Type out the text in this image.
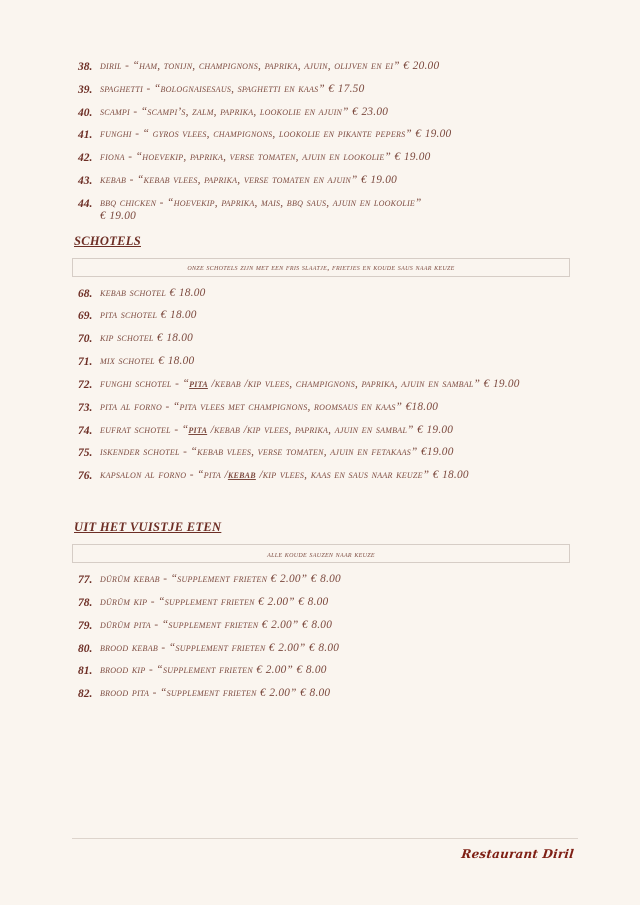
38. diril - “ham, tonijn, champignons, paprika, ajuin, olijven en ei” € 20.00
39. spaghetti - “bolognaisesaus, spaghetti en kaas” € 17.50
40. scampi - “scampi’s, zalm, paprika, lookolie en ajuin” € 23.00
41. funghi - “ gyros vlees, champignons, lookolie en pikante pepers” € 19.00
42. fiona - “hoevekip, paprika, verse tomaten, ajuin en lookolie” € 19.00
43. kebab - “kebab vlees, paprika, verse tomaten en ajuin” € 19.00
44. bbq chicken - “hoevekip, paprika, mais, bbq saus, ajuin en lookolie”
€ 19.00
SCHOTELS
onze schotels zijn met een fris slaatje, frietjes en koude saus naar keuze
68. kebab schotel € 18.00
69. pita schotel € 18.00
70. kip schotel € 18.00
71. mix schotel € 18.00
72. funghi schotel - “pita /kebab /kip vlees, champignons, paprika, ajuin en sambal” € 19.00
73. pita al forno - “pita vlees met champignons, roomsaus en kaas” €18.00
74. eufrat schotel - “pita /kebab /kip vlees, paprika, ajuin en sambal” € 19.00
75. iskender schotel - “kebab vlees, verse tomaten, ajuin en fetakaas” €19.00
76. kapsalon al forno - “pita /kebab /kip vlees, kaas en saus naar keuze” € 18.00
UIT HET VUISTJE ETEN
alle koude sauzen naar keuze
77. dürüm kebab - “supplement frieten € 2.00” € 8.00
78. dürüm kip - “supplement frieten € 2.00” € 8.00
79. dürüm pita - “supplement frieten € 2.00” € 8.00
80. brood kebab - “supplement frieten € 2.00” € 8.00
81. brood kip - “supplement frieten € 2.00” € 8.00
82. brood pita - “supplement frieten € 2.00” € 8.00
Restaurant Diril
